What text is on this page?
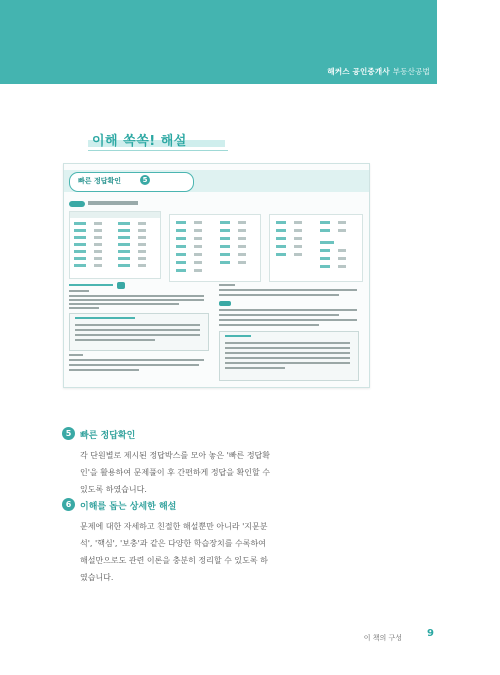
해커스 공인중개사 부동산공법
이해 쏙쏙! 해설
빠른 정답확인	5
5 빠른 정답확인
각 단원별로 제시된 정답박스를 모아 놓은 '빠른 정답확
인'을 활용하여 문제풀이 후 간편하게 정답을 확인할 수
있도록 하였습니다.
6 이해를 돕는 상세한 해설
문제에 대한 자세하고 친절한 해설뿐만 아니라 '지문분
석', '핵심', '보충'과 같은 다양한 학습장치를 수록하여
해설만으로도 관련 이론을 충분히 정리할 수 있도록 하
였습니다.
이 책의 구성	9
